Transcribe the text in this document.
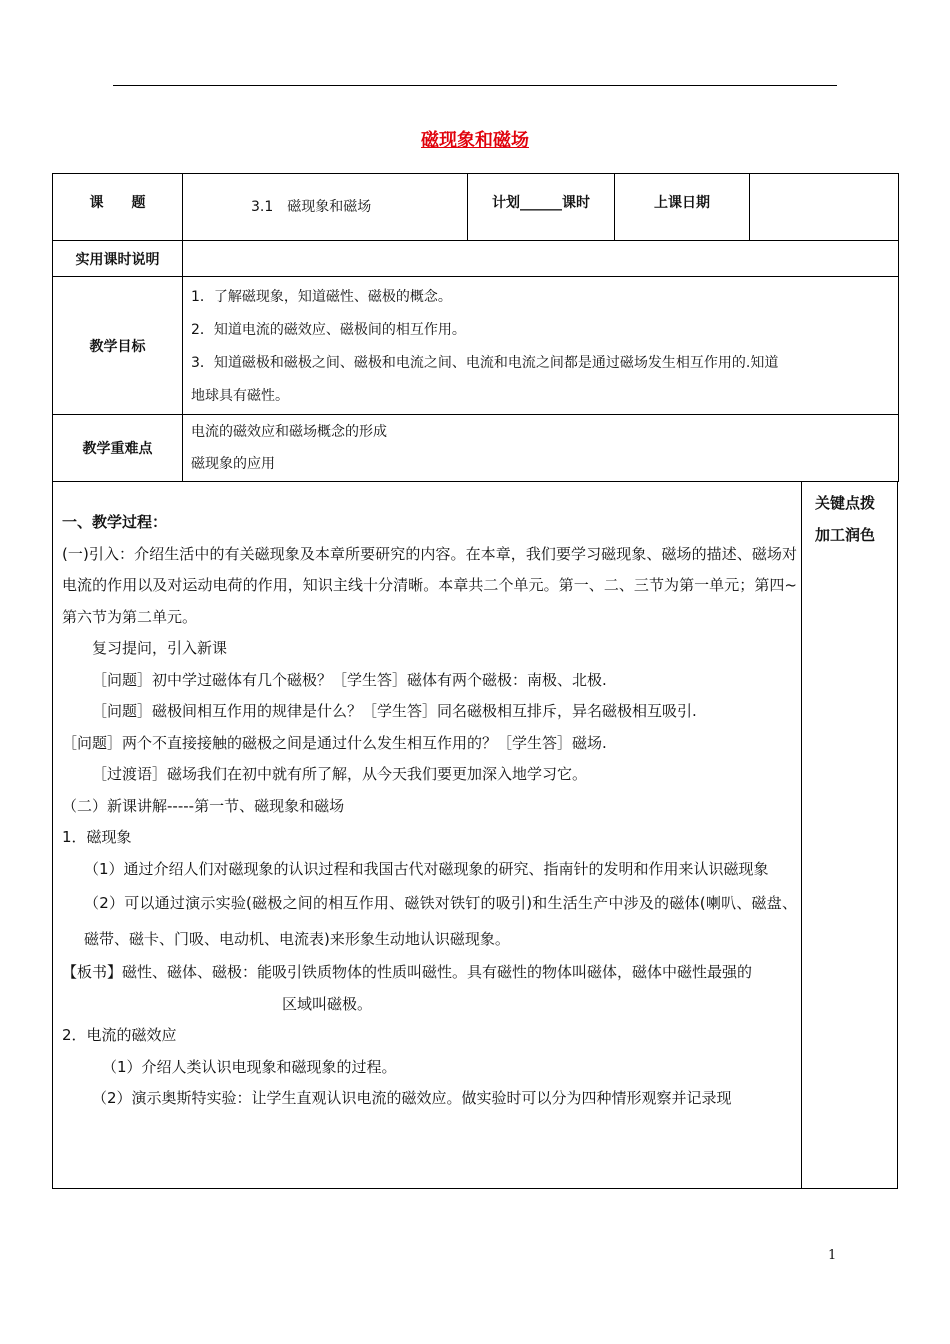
磁现象和磁场
课　　题	3.1　磁现象和磁场	计划______课时	上课日期	
实用课时说明				
教学目标	1．了解磁现象，知道磁性、磁极的概念。
2．知道电流的磁效应、磁极间的相互作用。
3．知道磁极和磁极之间、磁极和电流之间、电流和电流之间都是通过磁场发生相互作用的.知道
地球具有磁性。			

教学重难点	电流的磁效应和磁场概念的形成
磁现象的应用			
关键点拨
加工润色

一、教学过程：

(一)引入：介绍生活中的有关磁现象及本章所要研究的内容。在本章，我们要学习磁现象、磁场的描述、磁场对电流的作用以及对运动电荷的作用，知识主线十分清晰。本章共二个单元。第一、二、三节为第一单元；第四~第六节为第二单元。

复习提问，引入新课

［问题］初中学过磁体有几个磁极？［学生答］磁体有两个磁极：南极、北极.

［问题］磁极间相互作用的规律是什么？［学生答］同名磁极相互排斥，异名磁极相互吸引.

［问题］两个不直接接触的磁极之间是通过什么发生相互作用的？［学生答］磁场.

［过渡语］磁场我们在初中就有所了解，从今天我们要更加深入地学习它。

（二）新课讲解-----第一节、磁现象和磁场

1．磁现象

（1）通过介绍人们对磁现象的认识过程和我国古代对磁现象的研究、指南针的发明和作用来认识磁现象

（2）可以通过演示实验(磁极之间的相互作用、磁铁对铁钉的吸引)和生活生产中涉及的磁体(喇叭、磁盘、磁带、磁卡、门吸、电动机、电流表)来形象生动地认识磁现象。

【板书】磁性、磁体、磁极：能吸引铁质物体的性质叫磁性。具有磁性的物体叫磁体，磁体中磁性最强的

区域叫磁极。

2．电流的磁效应

（1）介绍人类认识电现象和磁现象的过程。

（2）演示奥斯特实验：让学生直观认识电流的磁效应。做实验时可以分为四种情形观察并记录现

1
